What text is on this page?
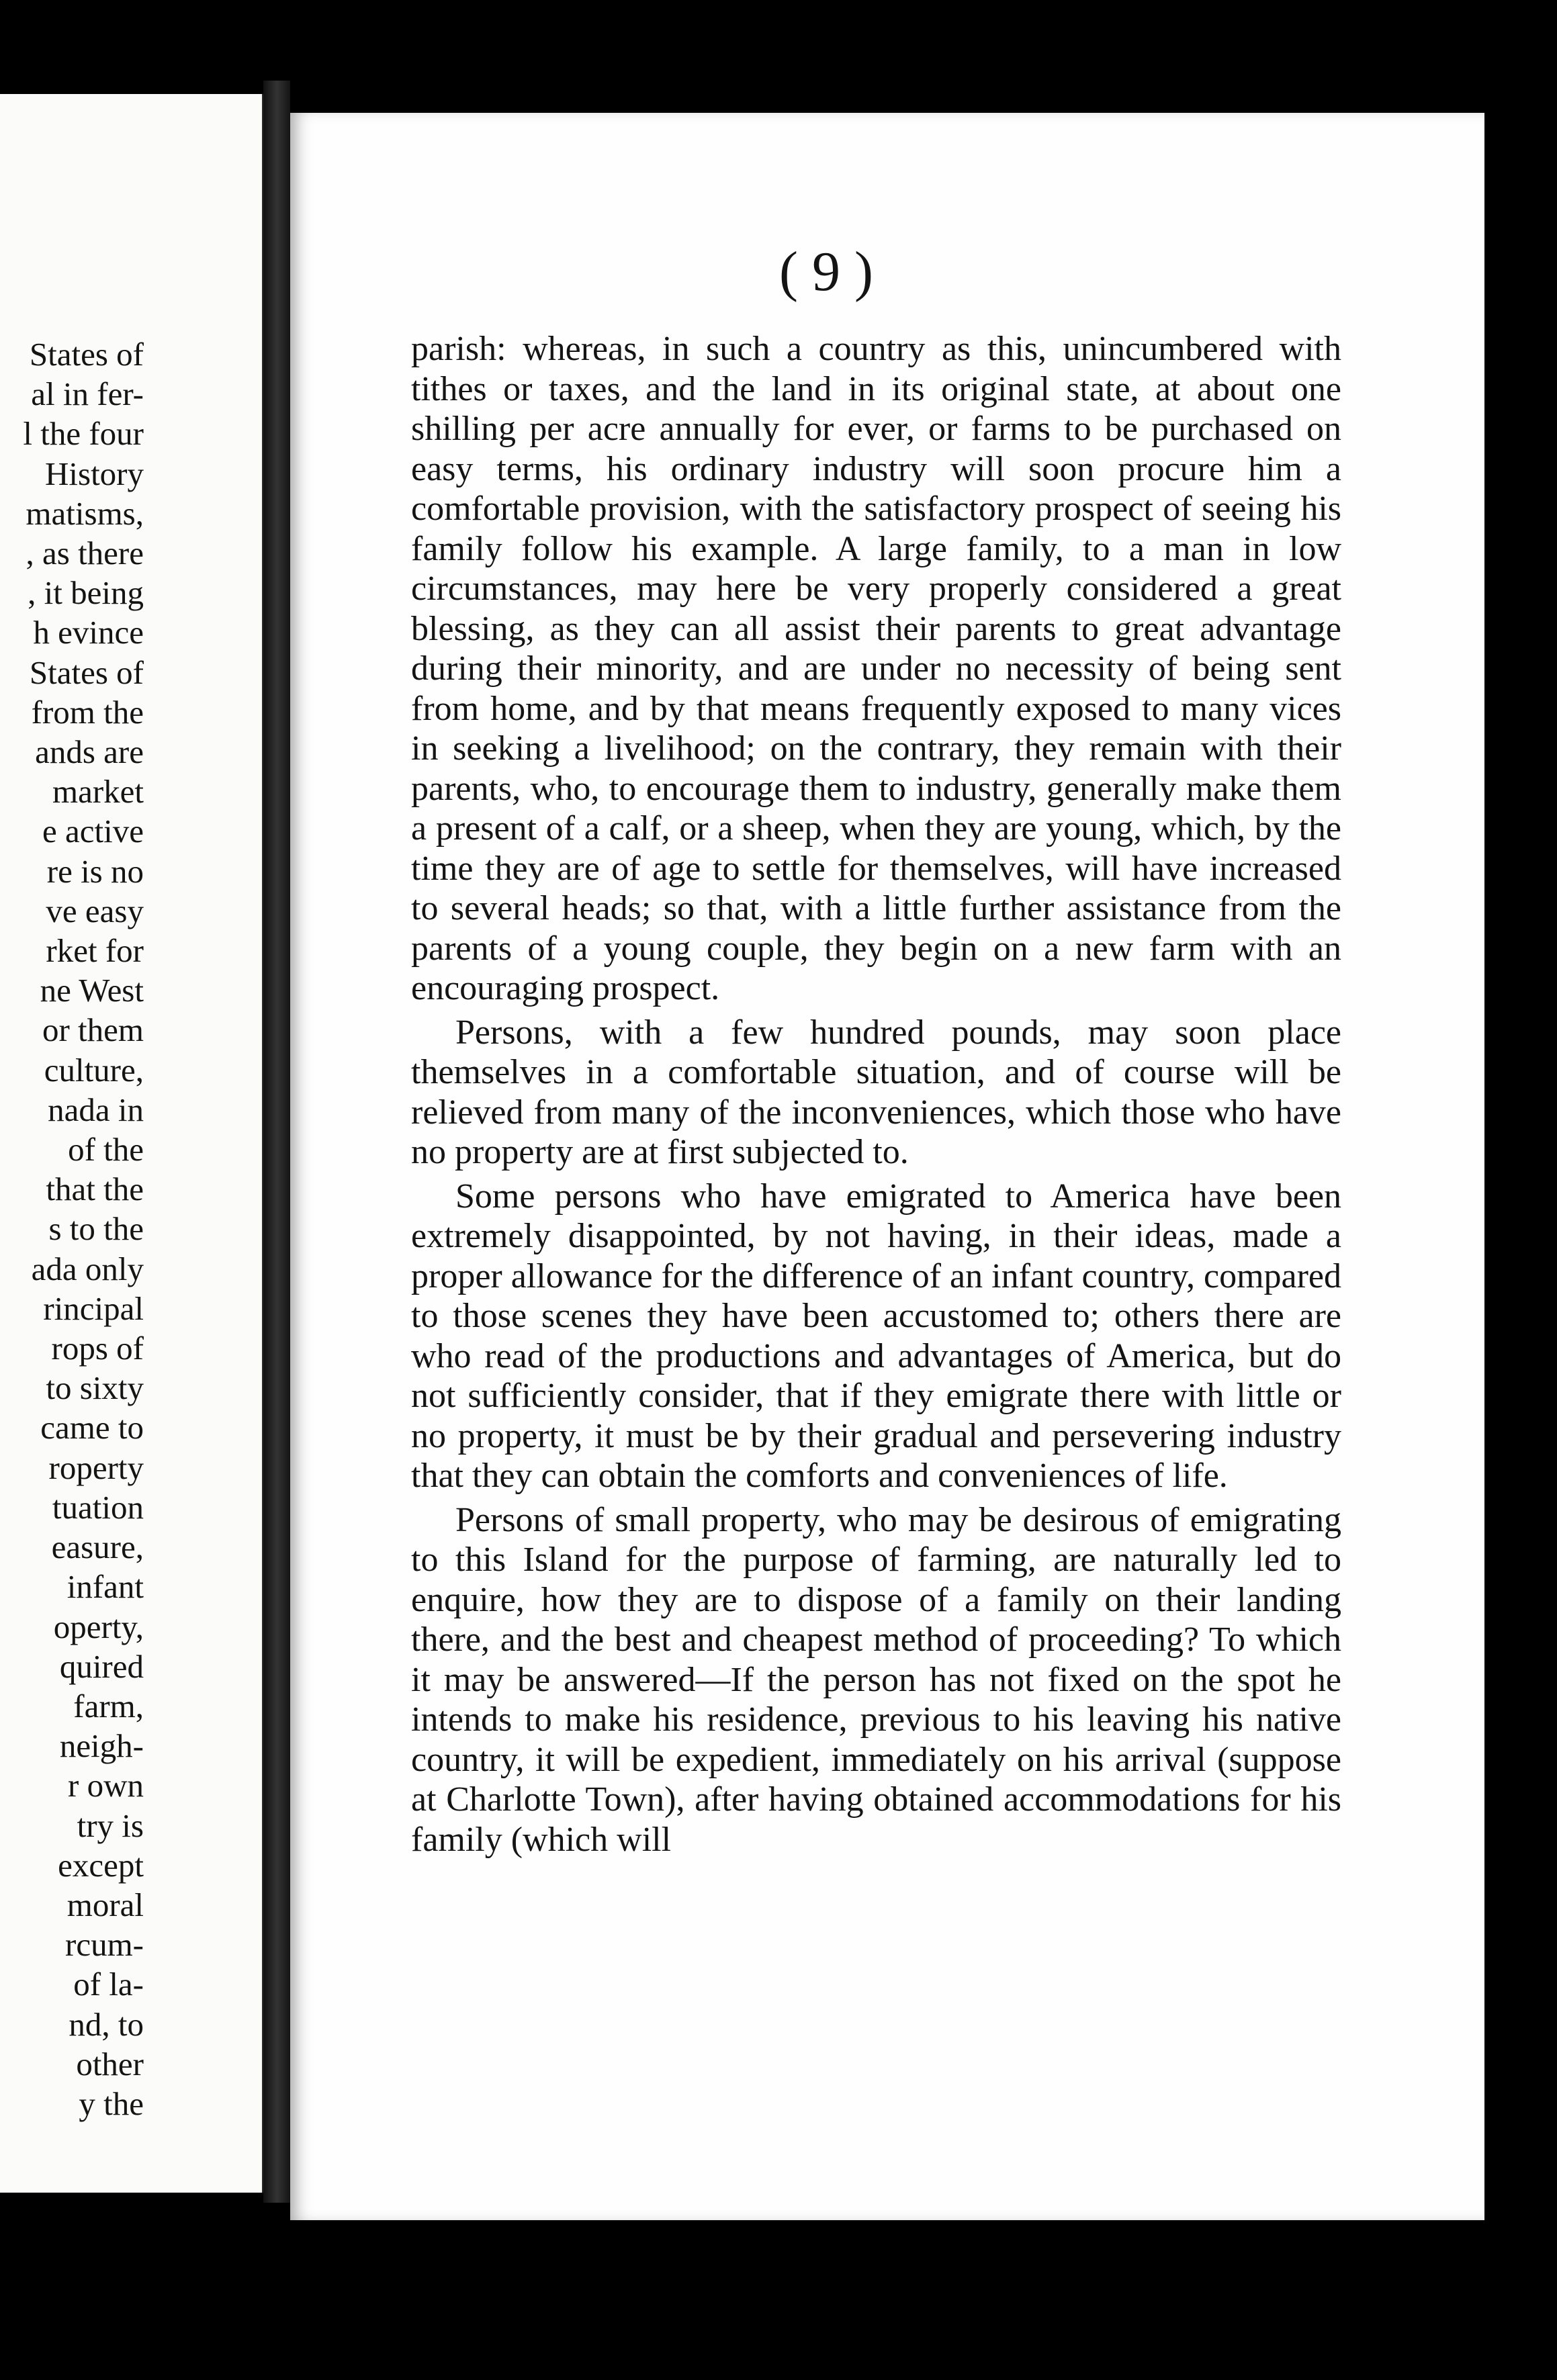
States of
al in fer-
l the four
History
matisms,
, as there
, it being
h evince
States of
from the
ands are
market
e active
re is no
ve easy
rket for
ne West
or them
culture,
nada in
of the
that the
s to the
ada only
rincipal
rops of
to sixty
came to
roperty
tuation
easure,
infant
operty,
quired
farm,
neigh-
r own
try is
except
moral
rcum-
of la-
nd, to
other
y the
( 9 )

parish: whereas, in such a country as this, unincumbered with tithes or taxes, and the land in its original state, at about one shilling per acre annually for ever, or farms to be purchased on easy terms, his ordinary industry will soon procure him a comfortable provision, with the satisfactory prospect of seeing his family follow his example. A large family, to a man in low circumstances, may here be very properly considered a great blessing, as they can all assist their parents to great advantage during their minority, and are under no necessity of being sent from home, and by that means frequently exposed to many vices in seeking a livelihood; on the contrary, they remain with their parents, who, to encourage them to industry, generally make them a present of a calf, or a sheep, when they are young, which, by the time they are of age to settle for themselves, will have increased to several heads; so that, with a little further assistance from the parents of a young couple, they begin on a new farm with an encouraging prospect.

Persons, with a few hundred pounds, may soon place themselves in a comfortable situation, and of course will be relieved from many of the inconveniences, which those who have no property are at first subjected to.

Some persons who have emigrated to America have been extremely disappointed, by not having, in their ideas, made a proper allowance for the difference of an infant country, compared to those scenes they have been accustomed to; others there are who read of the productions and advantages of America, but do not sufficiently consider, that if they emigrate there with little or no property, it must be by their gradual and persevering industry that they can obtain the comforts and conveniences of life.

Persons of small property, who may be desirous of emigrating to this Island for the purpose of farming, are naturally led to enquire, how they are to dispose of a family on their landing there, and the best and cheapest method of proceeding? To which it may be answered—If the person has not fixed on the spot he intends to make his residence, previous to his leaving his native country, it will be expedient, immediately on his arrival (suppose at Charlotte Town), after having obtained accommodations for his family (which will
